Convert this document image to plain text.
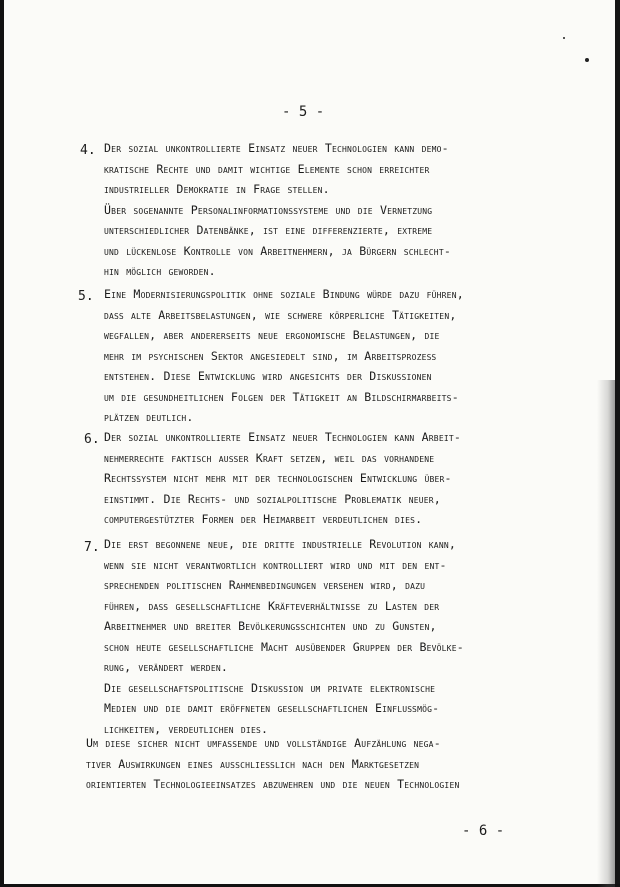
- 5 -
4. Der sozial unkontrollierte Einsatz neuer Technologien kann demo-
kratische Rechte und damit wichtige Elemente schon erreichter
industrieller Demokratie in Frage stellen.
Über sogenannte Personalinformationssysteme und die Vernetzung
unterschiedlicher Datenbänke, ist eine differenzierte, extreme
und lückenlose Kontrolle von Arbeitnehmern, ja Bürgern schlecht-
hin möglich geworden.
5. Eine Modernisierungspolitik ohne soziale Bindung würde dazu führen,
daß alte Arbeitsbelastungen, wie schwere körperliche Tätigkeiten,
wegfallen, aber andererseits neue ergonomische Belastungen, die
mehr im psychischen Sektor angesiedelt sind, im Arbeitsprozeß
entstehen. Diese Entwicklung wird angesichts der Diskussionen
um die gesundheitlichen Folgen der Tätigkeit an Bildschirmarbeits-
plätzen deutlich.
6. Der sozial unkontrollierte Einsatz neuer Technologien kann Arbeit-
nehmerrechte faktisch außer Kraft setzen, weil das vorhandene
Rechtssystem nicht mehr mit der technologischen Entwicklung über-
einstimmt. Die Rechts- und sozialpolitische Problematik neuer,
computergestützter Formen der Heimarbeit verdeutlichen dies.
7. Die erst begonnene neue, die dritte industrielle Revolution kann,
wenn sie nicht verantwortlich kontrolliert wird und mit den ent-
sprechenden politischen Rahmenbedingungen versehen wird, dazu
führen, daß gesellschaftliche Kräfteverhältnisse zu Lasten der
Arbeitnehmer und breiter Bevölkerungsschichten und zu Gunsten,
schon heute gesellschaftliche Macht ausübender Gruppen der Bevölke-
rung, verändert werden.
Die gesellschaftspolitische Diskussion um private elektronische
Medien und die damit eröffneten gesellschaftlichen Einflußmög-
lichkeiten, verdeutlichen dies.
Um diese sicher nicht umfassende und vollständige Aufzählung nega-
tiver Auswirkungen eines ausschließlich nach den Marktgesetzen
orientierten Technologieeinsatzes abzuwehren und die neuen Technologien
- 6 -
